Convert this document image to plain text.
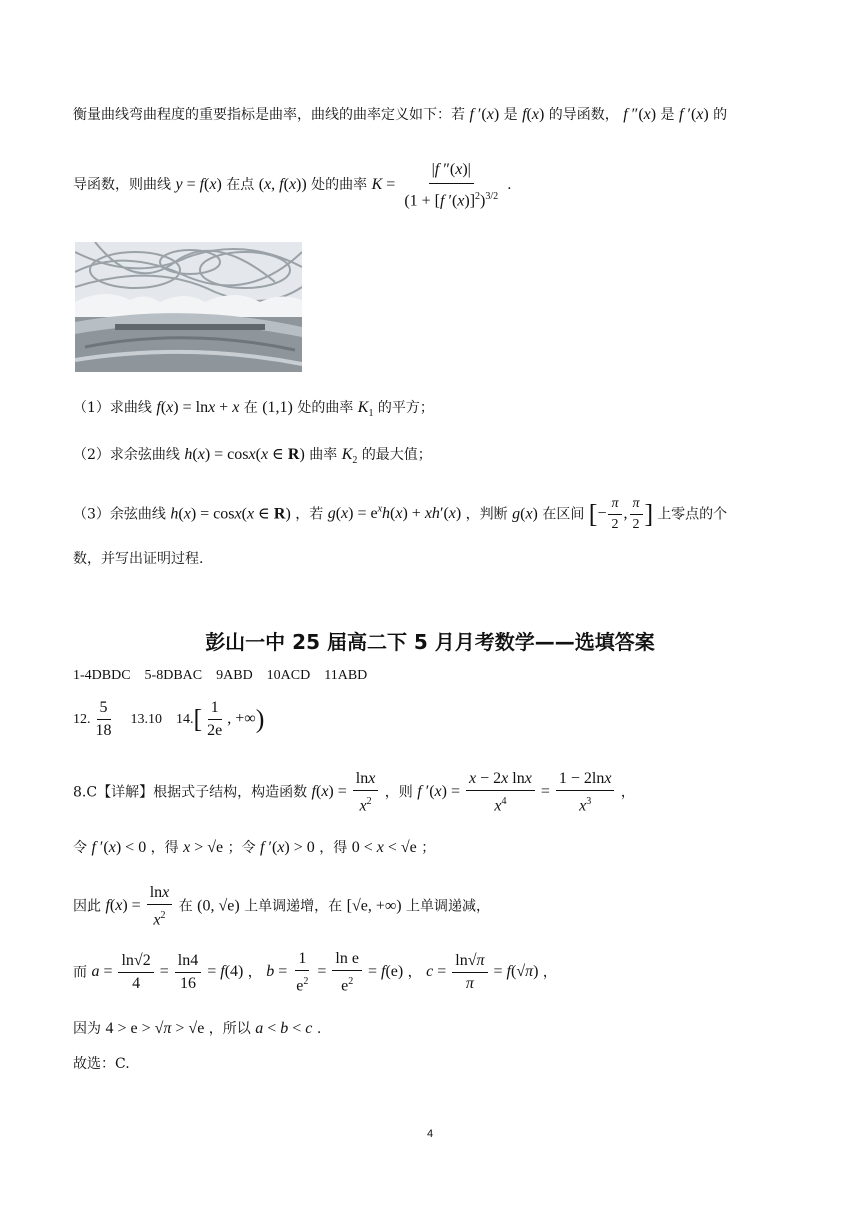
衡量曲线弯曲程度的重要指标是曲率，曲线的曲率定义如下：若 f ′(x) 是 f(x) 的导函数， f ″(x) 是 f ′(x) 的
导函数，则曲线 y = f(x) 在点 (x, f(x)) 处的曲率 $K = \frac{|f ''(x)|}{(1 + [f '(x)]^2)^{3/2}}$ .
（1）求曲线 f(x) = lnx + x 在 (1,1) 处的曲率 $K_1$ 的平方；
（2）求余弦曲线 h(x) = cosx(x ∈ R) 曲率 $K_2$ 的最大值；
（3）余弦曲线 h(x) = cosx(x ∈ R) ，若 $g(x) = e^xh(x) + xh'(x)$ ，判断 g(x) 在区间 [− $\frac{\pi}{2}$ , $\frac{\pi}{2}$ ] 上零点的个
数，并写出证明过程.
彭山一中 25 届高二下 5 月月考数学——选填答案
1-4DBDC    5-8DBAC    9ABD    10ACD    11ABD
12. $\frac{5}{18} 13.10$ $14.[ \frac{1}{2e}$ , +∞)
8.C【详解】根据式子结构，构造函数 $f(x) = \frac{\ln x}{x^2}$ ，则 f $'(x) = \frac{\text{x − 2x lnx}}{x^4} = \frac{1 - 2\ln x}{x^3}$ ，
令 f ′(x) < 0 ，得 x > √e ；令 f ′(x) > 0 ，得 0 < x < √e ；
因此 $f(x) = \frac{\ln x}{x^2}$ 在 (0, √e) 上单调递增，在 [√e, +∞) 上单调递减，
而 $a = \frac{\ln√2}{4} = \frac{\ln 4}{16} = f(4)$ ， $b = \frac{1}{e^2} = \frac{\text{ln e}}{e^2} = f(e)$ ， $c = \frac{\ln√\pi}{\pi} = f(√\pi)$ ，
因为 4 > e > √π > √e ，所以 a < b < c .
故选：C.
4
